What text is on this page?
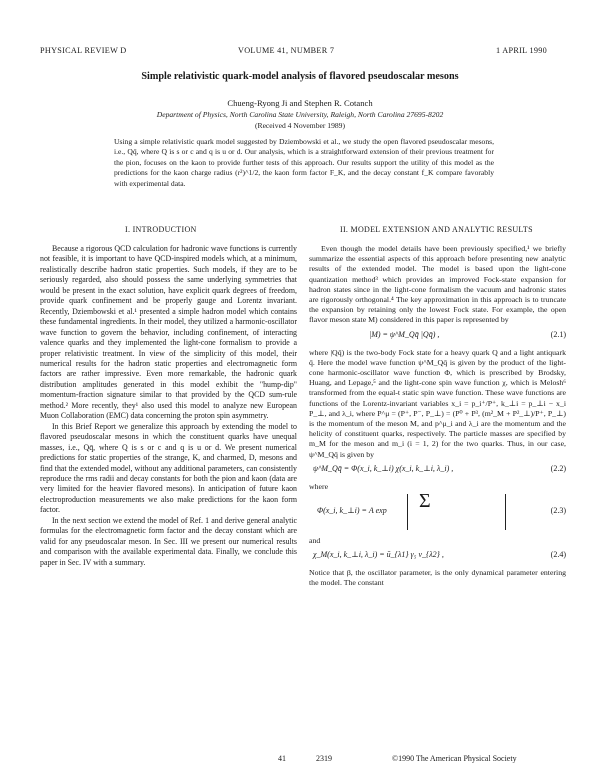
PHYSICAL REVIEW D	VOLUME 41, NUMBER 7	1 APRIL 1990
Simple relativistic quark-model analysis of flavored pseudoscalar mesons
Chueng-Ryong Ji and Stephen R. Cotanch
Department of Physics, North Carolina State University, Raleigh, North Carolina 27695-8202
(Received 4 November 1989)
Using a simple relativistic quark model suggested by Dziembowski et al., we study the open flavored pseudoscalar mesons, i.e., Qq̄, where Q is s or c and q is u or d. Our analysis, which is a straightforward extension of their previous treatment for the pion, focuses on the kaon to provide further tests of this approach. Our results support the utility of this model as the predictions for the kaon charge radius (r²)^1/2, the kaon form factor F_K, and the decay constant f_K compare favorably with experimental data.
I. INTRODUCTION	II. MODEL EXTENSION AND ANALYTIC RESULTS

Because a rigorous QCD calculation for hadronic wave functions is currently not feasible, it is important to have QCD-inspired models which, at a minimum, realistically describe hadron static properties. Such models, if they are to be seriously regarded, also should possess the same underlying symmetries that would be present in the exact solution, have explicit quark degrees of freedom, provide quark confinement and be properly gauge and Lorentz invariant. Recently, Dziembowski et al.¹ presented a simple hadron model which contains these fundamental ingredients. In their model, they utilized a harmonic-oscillator wave function to govern the behavior, including confinement, of interacting valence quarks and they implemented the light-cone formalism to provide a proper relativistic treatment. In view of the simplicity of this model, their numerical results for the hadron static properties and electromagnetic form factors are rather impressive. Even more remarkable, the hadronic quark distribution amplitudes generated in this model exhibit the "hump-dip" momentum-fraction signature similar to that provided by the QCD sum-rule method.² More recently, they¹ also used this model to analyze new European Muon Collaboration (EMC) data concerning the proton spin asymmetry.

In this Brief Report we generalize this approach by extending the model to flavored pseudoscalar mesons in which the constituent quarks have unequal masses, i.e., Qq̄, where Q is s or c and q is u or d. We present numerical predictions for static properties of the strange, K, and charmed, D, mesons and find that the extended model, without any additional parameters, can consistently reproduce the rms radii and decay constants for both the pion and kaon (data are very limited for the heavier flavored mesons). In anticipation of future kaon electroproduction measurements we also make predictions for the kaon form factor.

In the next section we extend the model of Ref. 1 and derive general analytic formulas for the electromagnetic form factor and the decay constant which are valid for any pseudoscalar meson. In Sec. III we present our numerical results and comparison with the available experimental data. Finally, we conclude this paper in Sec. IV with a summary.

Even though the model details have been previously specified,¹ we briefly summarize the essential aspects of this approach before presenting new analytic results of the extended model. The model is based upon the light-cone quantization method³ which provides an improved Fock-state expansion for hadron states since in the light-cone formalism the vacuum and hadronic states are rigorously orthogonal.⁴ The key approximation in this approach is to truncate the expansion by retaining only the lowest Fock state. For example, the open flavor meson state M) considered in this paper is represented by

|M) = ψ^M_Qq̄ |Qq̄) ,	(2.1)

where |Qq̄) is the two-body Fock state for a heavy quark Q and a light antiquark q̄. Here the model wave function ψ^M_Qq̄ is given by the product of the light-cone harmonic-oscillator wave function Φ, which is prescribed by Brodsky, Huang, and Lepage,⁵ and the light-cone spin wave function χ, which is Melosh⁶ transformed from the equal-t static spin wave function. These wave functions are functions of the Lorentz-invariant variables x_i = p_i⁺/P⁺, k_⊥i = p_⊥i − x_i P_⊥, and λ_i, where P^μ = (P⁺, P⁻, P_⊥) = (P⁰ + P³, (m²_M + P²_⊥)/P⁺, P_⊥) is the momentum of the meson M, and p^μ_i and λ_i are the momentum and the helicity of constituent quarks, respectively. The particle masses are specified by m_M for the meson and m_i (i = 1, 2) for the two quarks. Thus, in our case, ψ^M_Qq̄ is given by

ψ^M_Qq̄ = Φ(x_i, k_⊥i) χ(x_i, k_⊥i, λ_i) ,	(2.2)

where

Φ(x_i, k_⊥i) = A exp Σ	(2.3)

and

χ_M(x_i, k_⊥i, λ_i) = ū_{λ1} γ₅ v_{λ2} ,	(2.4)

Notice that β, the oscillator parameter, is the only dynamical parameter entering the model. The constant

41	2319	©1990 The American Physical Society
